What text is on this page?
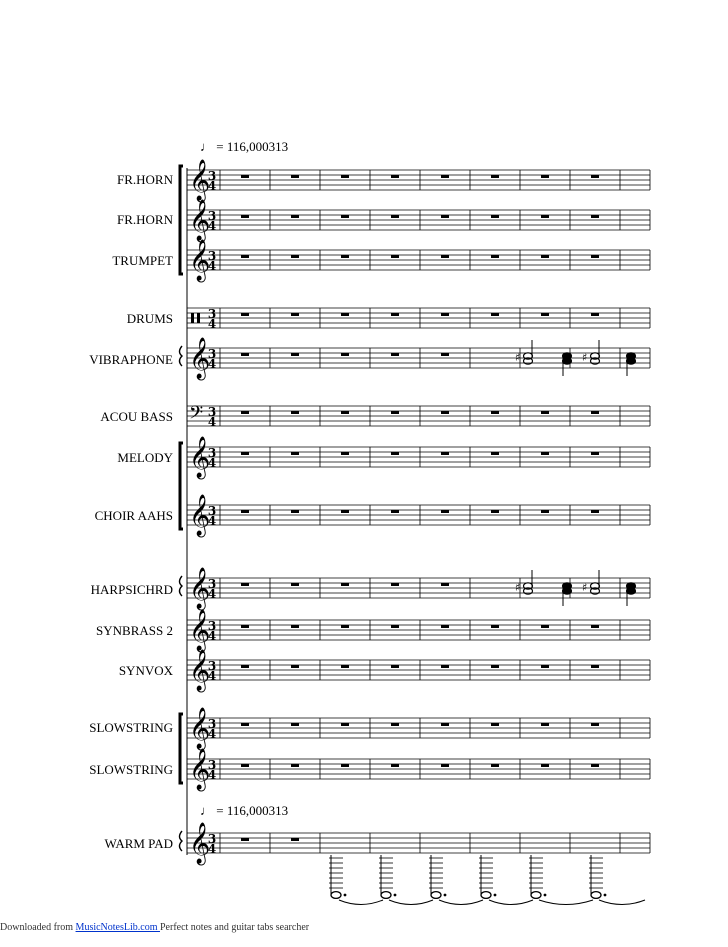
𝄞
3
4
𝄞
3
4
𝄞
3
4
3
4
𝄞
3
4	♯	♯
𝄢 3
4
𝄞
3
4
𝄞
3
4
𝄞
3
4	♯	♯
𝄞
3
4
𝄞
3
4
𝄞
3
4
𝄞
3
4
𝄞
3
4
♩ = 116,000313
♩ = 116,000313
FR.HORN
FR.HORN
TRUMPET
DRUMS
VIBRAPHONE
ACOU BASS
MELODY
CHOIR AAHS
HARPSICHRD
SYNBRASS 2
SYNVOX
SLOWSTRING
SLOWSTRING
WARM PAD
Downloaded from MusicNotesLib.com Perfect notes and guitar tabs searcher
